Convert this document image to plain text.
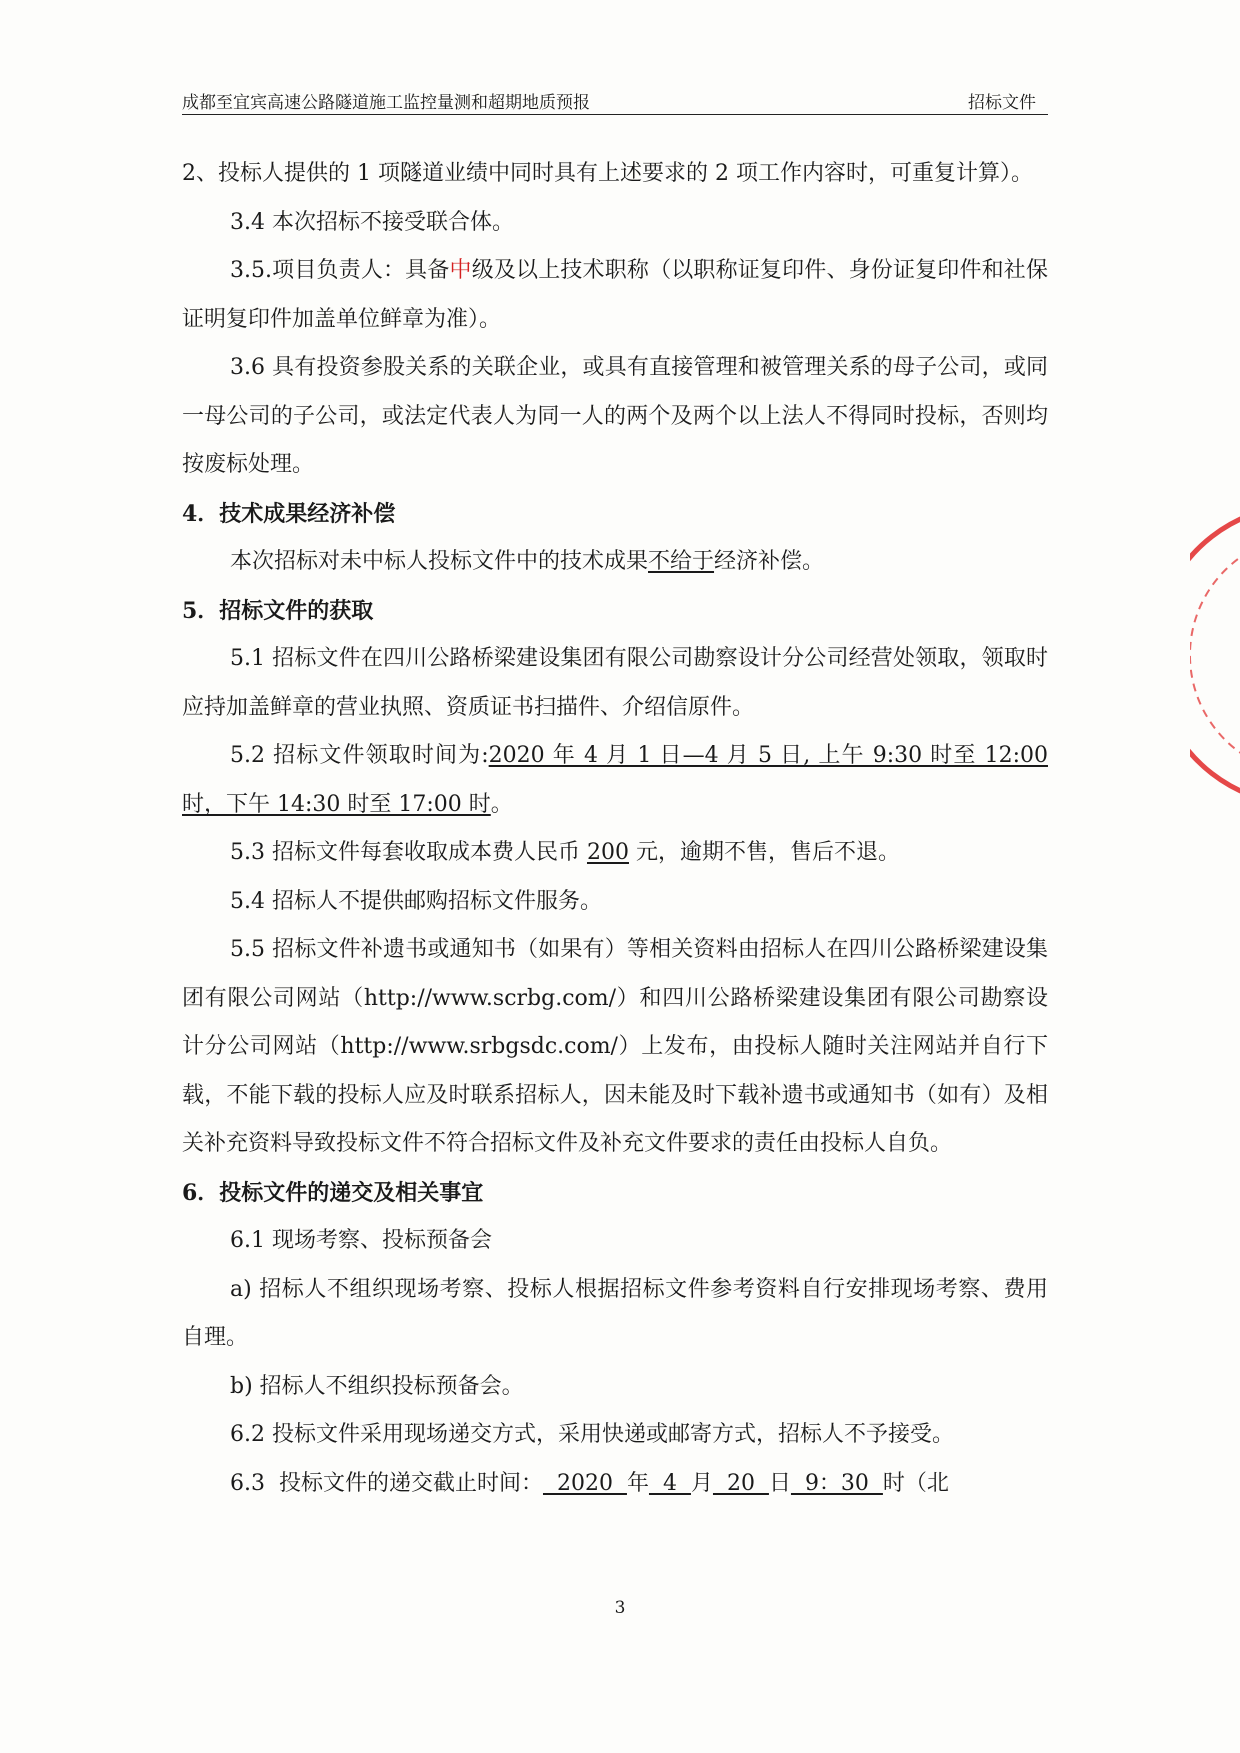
成都至宜宾高速公路隧道施工监控量测和超期地质预报	招标文件

2、投标人提供的 1 项隧道业绩中同时具有上述要求的 2 项工作内容时，可重复计算）。

3.4 本次招标不接受联合体。

3.5.项目负责人：具备中级及以上技术职称（以职称证复印件、身份证复印件和社保证明复印件加盖单位鲜章为准）。

3.6 具有投资参股关系的关联企业，或具有直接管理和被管理关系的母子公司，或同一母公司的子公司，或法定代表人为同一人的两个及两个以上法人不得同时投标，否则均按废标处理。

4．技术成果经济补偿

本次招标对未中标人投标文件中的技术成果不给于经济补偿。

5．招标文件的获取

5.1 招标文件在四川公路桥梁建设集团有限公司勘察设计分公司经营处领取，领取时应持加盖鲜章的营业执照、资质证书扫描件、介绍信原件。

5.2 招标文件领取时间为:2020 年 4 月 1 日—4 月 5 日, 上午 9:30 时至 12:00 时，下午 14:30 时至 17:00 时。

5.3 招标文件每套收取成本费人民币 200 元，逾期不售，售后不退。

5.4 招标人不提供邮购招标文件服务。

5.5 招标文件补遗书或通知书（如果有）等相关资料由招标人在四川公路桥梁建设集团有限公司网站（http://www.scrbg.com/）和四川公路桥梁建设集团有限公司勘察设计分公司网站（http://www.srbgsdc.com/）上发布，由投标人随时关注网站并自行下载，不能下载的投标人应及时联系招标人，因未能及时下载补遗书或通知书（如有）及相关补充资料导致投标文件不符合招标文件及补充文件要求的责任由投标人自负。

6．投标文件的递交及相关事宜

6.1 现场考察、投标预备会

a) 招标人不组织现场考察、投标人根据招标文件参考资料自行安排现场考察、费用自理。

b) 招标人不组织投标预备会。

6.2 投标文件采用现场递交方式，采用快递或邮寄方式，招标人不予接受。

6.3  投标文件的递交截止时间：  2020  年  4  月  20  日  9：30  时（北

3
